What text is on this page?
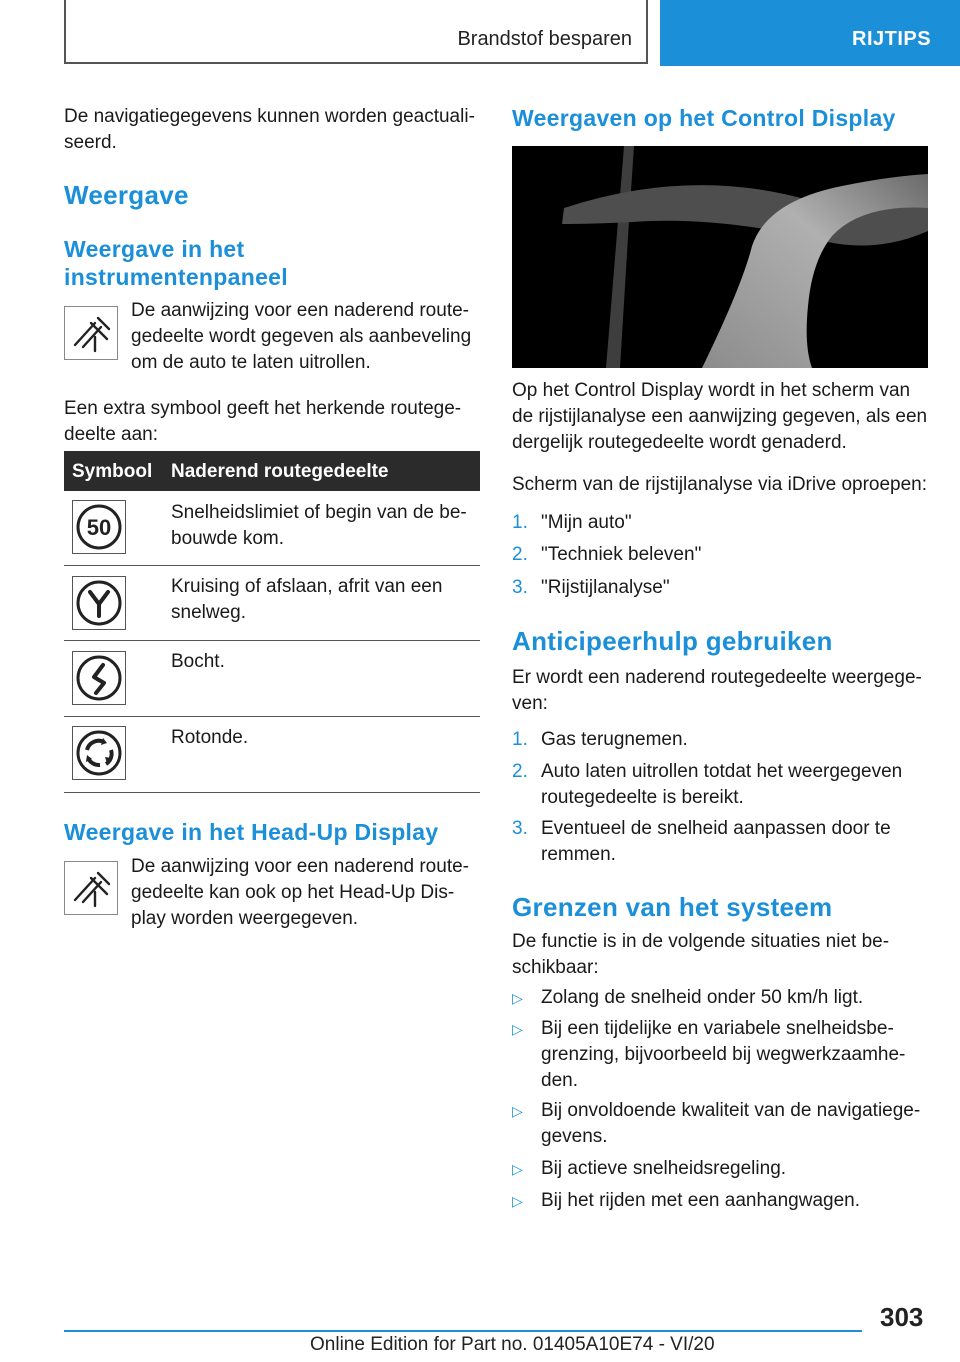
Brandstof besparen	RIJTIPS
De navigatiegegevens kunnen worden geactuali-
seerd.
Weergave
Weergave in het
instrumentenpaneel
De aanwijzing voor een naderend route-
gedeelte wordt gegeven als aanbeveling
om de auto te laten uitrollen.
Een extra symbool geeft het herkende routege-
deelte aan:
Symbool Naderend routegedeelte
50
Snelheidslimiet of begin van de be-
bouwde kom.
Kruising of afslaan, afrit van een
snelweg.
Bocht.
Rotonde.
Weergave in het Head-Up Display
De aanwijzing voor een naderend route-
gedeelte kan ook op het Head-Up Dis-
play worden weergegeven.
Weergaven op het Control Display
Op het Control Display wordt in het scherm van
de rijstijlanalyse een aanwijzing gegeven, als een
dergelijk routegedeelte wordt genaderd.
Scherm van de rijstijlanalyse via iDrive oproepen:
1. "Mijn auto"
2. "Techniek beleven"
3. "Rijstijlanalyse"
Anticipeerhulp gebruiken
Er wordt een naderend routegedeelte weergege-
ven:
1. Gas terugnemen.
2. Auto laten uitrollen totdat het weergegeven
routegedeelte is bereikt.
3. Eventueel de snelheid aanpassen door te
remmen.
Grenzen van het systeem
De functie is in de volgende situaties niet be-
schikbaar:
▷ Zolang de snelheid onder 50 km/h ligt.
▷ Bij een tijdelijke en variabele snelheidsbe-
grenzing, bijvoorbeeld bij wegwerkzaamhe-
den.
▷ Bij onvoldoende kwaliteit van de navigatiege-
gevens.
▷ Bij actieve snelheidsregeling.
▷ Bij het rijden met een aanhangwagen.
303
Online Edition for Part no. 01405A10E74 - VI/20
